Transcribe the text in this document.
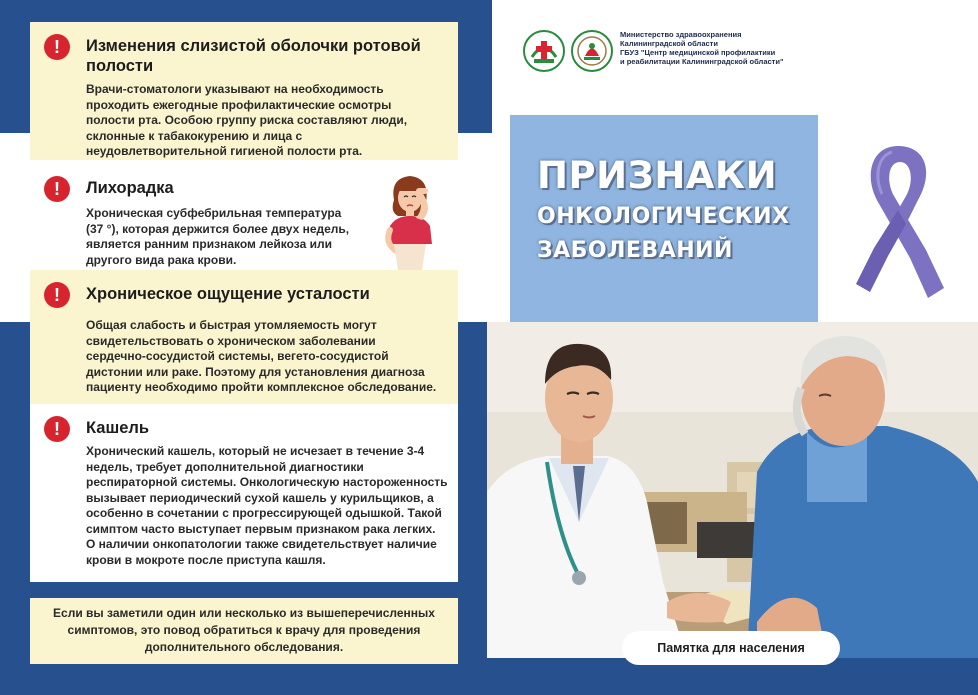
!	Изменения слизистой оболочки ротовой полости
Врачи-стоматологи указывают на необходимость проходить ежегодные профилактические осмотры полости рта. Особою группу риска составляют люди, склонные к табакокурению и лица с неудовлетворительной гигиеной полости рта.
!	Лихорадка
Хроническая субфебрильная температура (37 °), которая держится более двух недель, является ранним признаком лейкоза или другого вида рака крови.
!	Хроническое ощущение усталости
Общая слабость и быстрая утомляемость могут свидетельствовать о хроническом заболевании сердечно-сосудистой системы, вегето-сосудистой дистонии или раке. Поэтому для установления диагноза пациенту необходимо пройти комплексное обследование.
!	Кашель
Хронический кашель, который не исчезает в течение 3-4 недель, требует дополнительной диагностики респираторной системы. Онкологическую настороженность вызывает периодический сухой кашель у курильщиков, а особенно в сочетании с прогрессирующей одышкой. Такой симптом часто выступает первым признаком рака легких. О наличии онкопатологии также свидетельствует наличие крови в мокроте после приступа кашля.
Если вы заметили один или несколько из вышеперечисленных симптомов, это повод обратиться к врачу для проведения дополнительного обследования.
Министерство здравоохранения
Калининградской области
ГБУЗ "Центр медицинской профилактики
и реабилитации Калининградской области"
ПРИЗНАКИ
ОНКОЛОГИЧЕСКИХ
ЗАБОЛЕВАНИЙ
Памятка для населения
